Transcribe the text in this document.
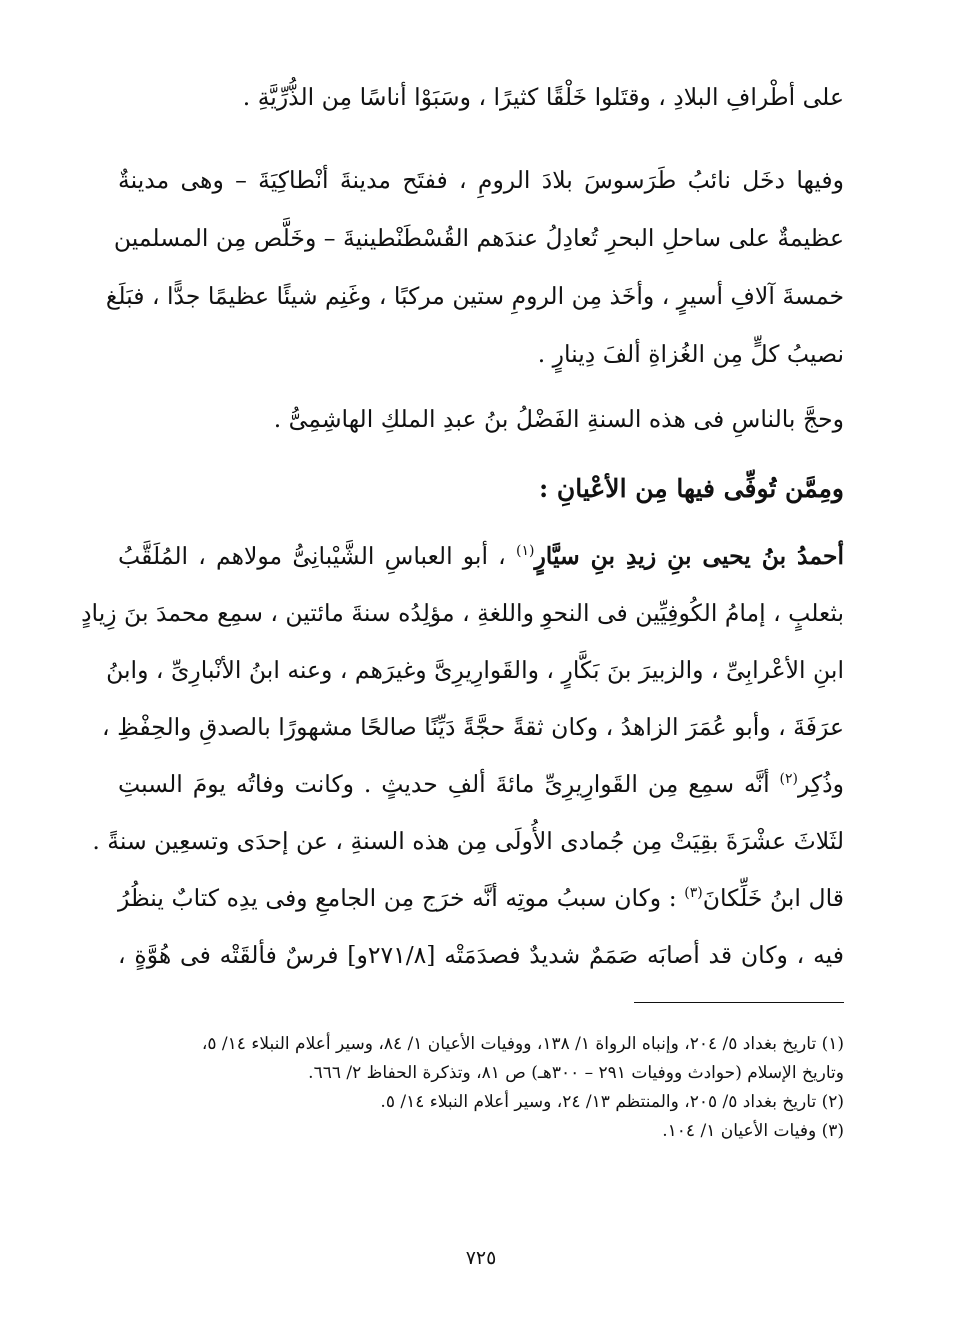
على أطْرافِ البلادِ ، وقتَلوا خَلْقًا كثيرًا ، وسَبَوْا أناسًا مِن الذُّرِّيَّةِ .
وفيها دخَل نائبُ طَرَسوسَ بلادَ الرومِ ، ففتَح مدينةَ أنْطاكِيَةَ – وهى مدينةٌ
عظيمةٌ على ساحلِ البحرِ تُعادِلُ عندَهم القُسْطَنْطينيةَ – وخَلَّص مِن المسلمين
خمسةَ آلافِ أسيرٍ ، وأخَذ مِن الرومِ ستين مركبًا ، وغَنِم شيئًا عظيمًا جدًّا ، فبَلَغ
نصيبُ كلٍّ مِن الغُزاةِ ألفَ دِينارٍ .
وحجَّ بالناسِ فى هذه السنةِ الفَضْلُ بنُ عبدِ الملكِ الهاشِمِىُّ .
ومِمَّن تُوفِّى فيها مِن الأعْيانِ :
أحمدُ بنُ يحيى بنِ زيدِ بنِ سيَّارٍ$^{(١)}$ ، أبو العباسِ الشَّيْبانِىُّ مولاهم ، المُلَقَّبُ
بثعلبٍ ، إمامُ الكُوفِيِّين فى النحوِ واللغةِ ، مؤلِدُه سنةَ مائتين ، سمِع محمدَ بنَ زِيادٍ
ابنِ الأعْرابِىِّ ، والزبيرَ بنَ بَكَّارٍ ، والقَوارِيرِىَّ وغيرَهم ، وعنه ابنُ الأنْبارِىِّ ، وابنُ
عرَفَةَ ، وأبو عُمَرَ الزاهدُ ، وكان ثقةً حجَّةً دَيِّنًا صالحًا مشهورًا بالصدقِ والحِفْظِ ،
وذُكِر$^{(٢)}$ أنَّه سمِع مِن القَوارِيرِىِّ مائةَ ألفِ حديثٍ . وكانت وفاتُه يومَ السبتِ
لثَلاثَ عشْرَةَ بقِيَتْ مِن جُمادى الأُولَى مِن هذه السنةِ ، عن إحدَى وتسعِين سنةً .
قال ابنُ خَلِّكانَ$^{(٣)}$ : وكان سببُ موتِه أنَّه خرَج مِن الجامعِ وفى يدِه كتابٌ ينظُرُ
فيه ، وكان قد أصابَه صَمَمٌ شديدٌ فصدَمَتْه [٢٧١/٨و] فرسٌ فألقَتْه فى هُوَّةٍ ،
(١) تاريخ بغداد ٥/ ٢٠٤، وإنباه الرواة ١/ ١٣٨، ووفيات الأعيان ١/ ٨٤، وسير أعلام النبلاء ١٤/ ٥،
وتاريخ الإسلام (حوادث ووفيات ٢٩١ – ٣٠٠هـ) ص ٨١، وتذكرة الحفاظ ٢/ ٦٦٦.
(٢) تاريخ بغداد ٥/ ٢٠٥، والمنتظم ١٣/ ٢٤، وسير أعلام النبلاء ١٤/ ٥.
(٣) وفيات الأعيان ١/ ١٠٤.
٧٢٥
